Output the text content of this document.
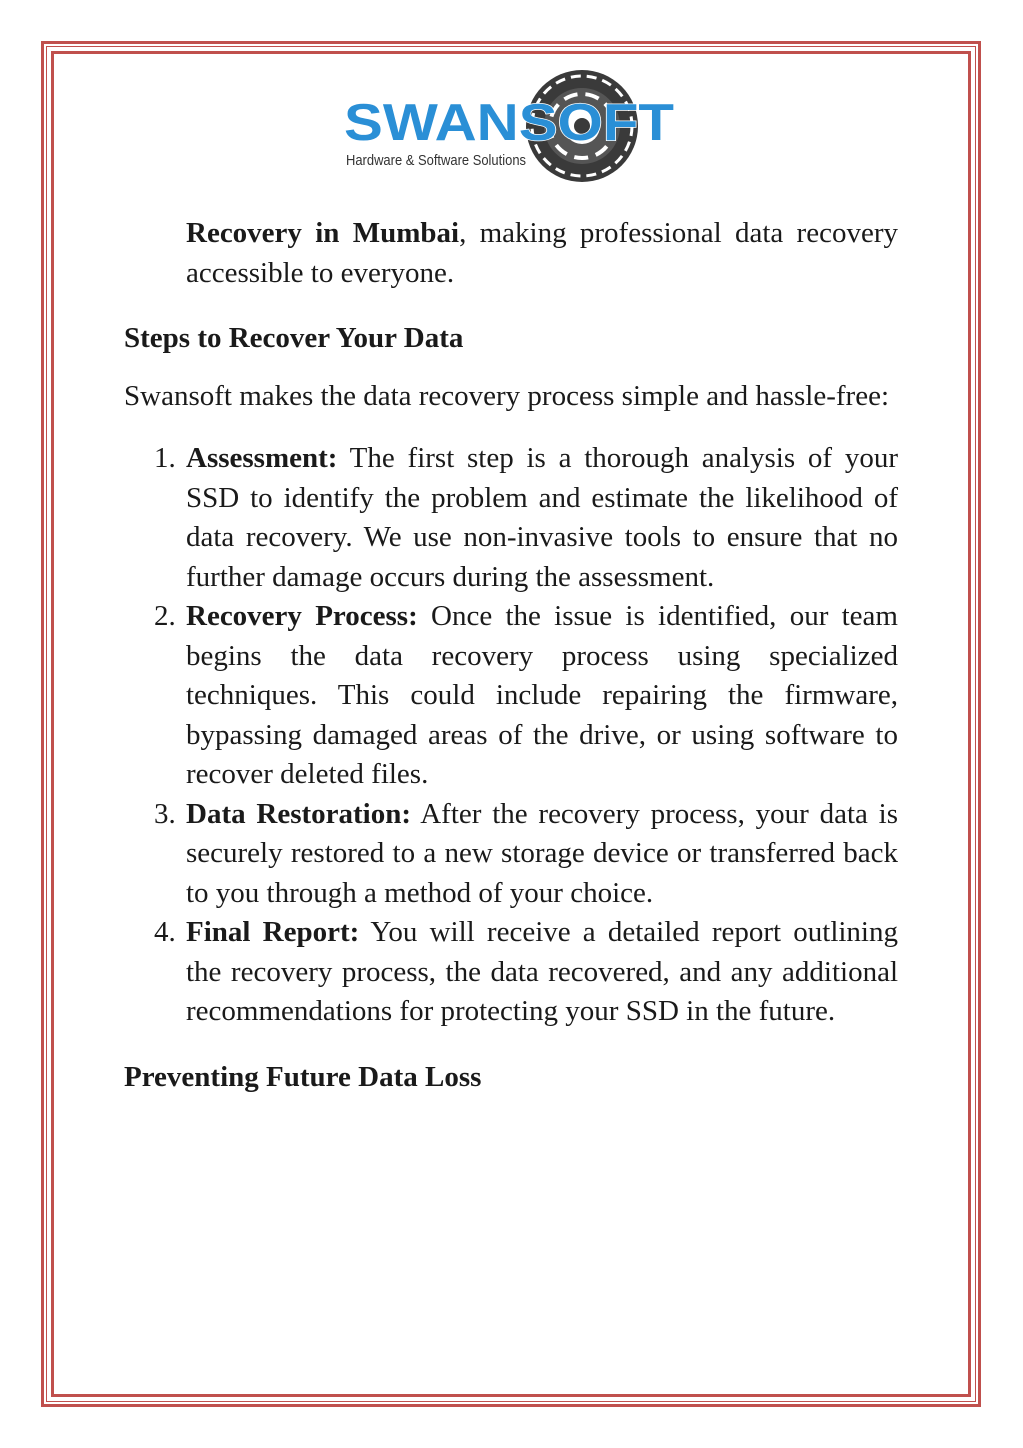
SWANSOFT
Hardware & Software Solutions

Recovery in Mumbai, making professional data recovery accessible to everyone.

Steps to Recover Your Data

Swansoft makes the data recovery process simple and hassle-free:

1. Assessment: The first step is a thorough analysis of your SSD to identify the problem and estimate the likelihood of data recovery. We use non-invasive tools to ensure that no further damage occurs during the assessment.
2. Recovery Process: Once the issue is identified, our team begins the data recovery process using specialized techniques. This could include repairing the firmware, bypassing damaged areas of the drive, or using software to recover deleted files.
3. Data Restoration: After the recovery process, your data is securely restored to a new storage device or transferred back to you through a method of your choice.
4. Final Report: You will receive a detailed report outlining the recovery process, the data recovered, and any additional recommendations for protecting your SSD in the future.

Preventing Future Data Loss
